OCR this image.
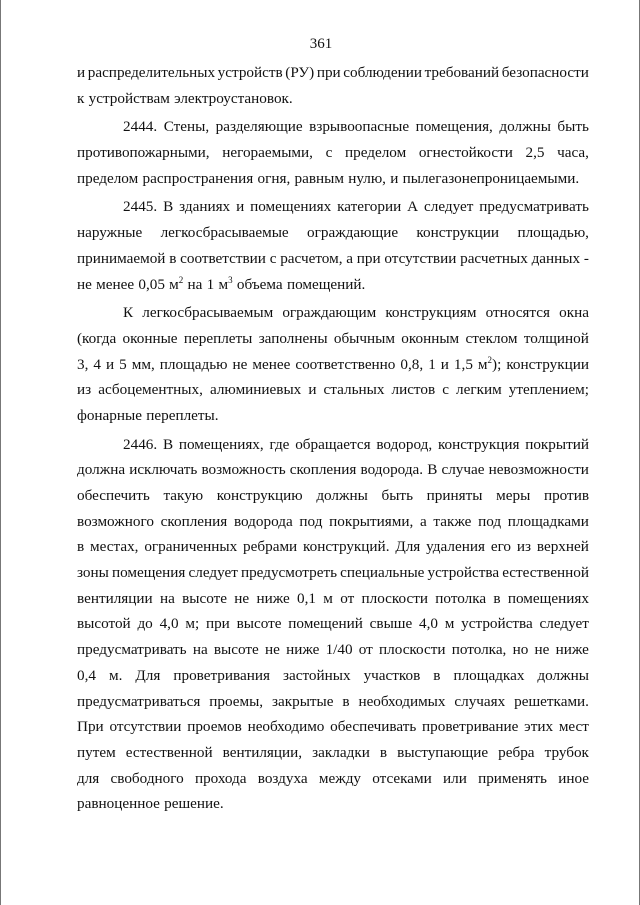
361
и распределительных устройств (РУ) при соблюдении требований безопасности
к устройствам электроустановок.
2444. Стены, разделяющие взрывоопасные помещения, должны быть
противопожарными, негораемыми, с пределом огнестойкости 2,5 часа,
пределом распространения огня, равным нулю, и пылегазонепроницаемыми.
2445. В зданиях и помещениях категории А следует предусматривать
наружные легкосбрасываемые ограждающие конструкции площадью,
принимаемой в соответствии с расчетом, а при отсутствии расчетных данных -
не менее 0,05 $м^2$ на 1 $м^3$ объема помещений.
К легкосбрасываемым ограждающим конструкциям относятся окна
(когда оконные переплеты заполнены обычным оконным стеклом толщиной
3, 4 и 5 мм, площадью не менее соответственно 0,8, 1 и 1,5 $м^2$); конструкции
из асбоцементных, алюминиевых и стальных листов с легким утеплением;
фонарные переплеты.
2446. В помещениях, где обращается водород, конструкция покрытий
должна исключать возможность скопления водорода. В случае невозможности
обеспечить такую конструкцию должны быть приняты меры против
возможного скопления водорода под покрытиями, а также под площадками
в местах, ограниченных ребрами конструкций. Для удаления его из верхней
зоны помещения следует предусмотреть специальные устройства естественной
вентиляции на высоте не ниже 0,1 м от плоскости потолка в помещениях
высотой до 4,0 м; при высоте помещений свыше 4,0 м устройства следует
предусматривать на высоте не ниже 1/40 от плоскости потолка, но не ниже
0,4 м. Для проветривания застойных участков в площадках должны
предусматриваться проемы, закрытые в необходимых случаях решетками.
При отсутствии проемов необходимо обеспечивать проветривание этих мест
путем естественной вентиляции, закладки в выступающие ребра трубок
для свободного прохода воздуха между отсеками или применять иное
равноценное решение.
